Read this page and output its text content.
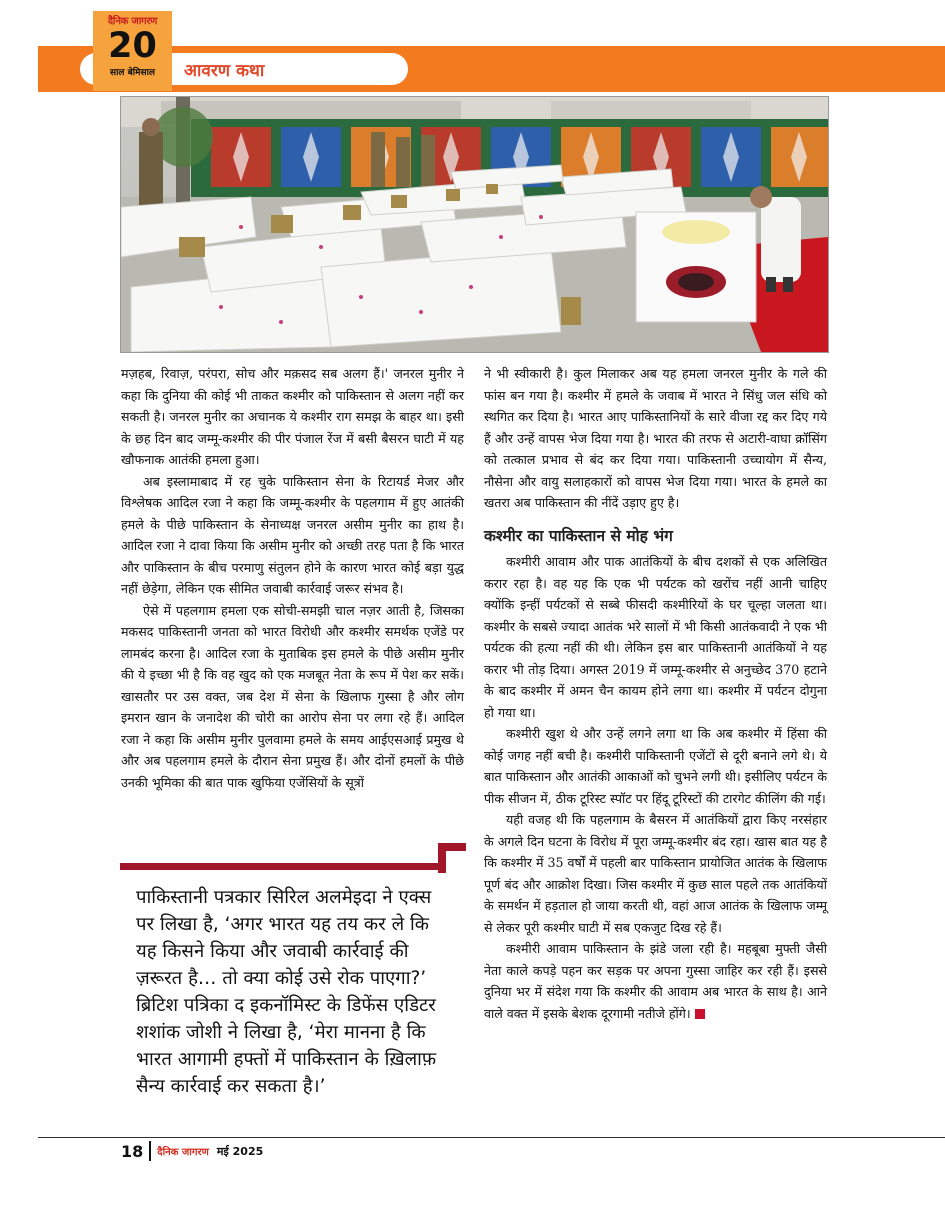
आवरण कथा
दैनिक जागरण
20
साल बेमिसाल

मज़हब, रिवाज़, परंपरा, सोच और मक़सद सब अलग हैं।' जनरल मुनीर ने कहा कि दुनिया की कोई भी ताकत कश्मीर को पाकिस्तान से अलग नहीं कर सकती है। जनरल मुनीर का अचानक ये कश्मीर राग समझ के बाहर था। इसी के छह दिन बाद जम्मू-कश्मीर की पीर पंजाल रेंज में बसी बैसरन घाटी में यह खौफनाक आतंकी हमला हुआ।

अब इस्लामाबाद में रह चुके पाकिस्तान सेना के रिटायर्ड मेजर और विश्लेषक आदिल रजा ने कहा कि जम्मू-कश्मीर के पहलगाम में हुए आतंकी हमले के पीछे पाकिस्तान के सेनाध्यक्ष जनरल असीम मुनीर का हाथ है। आदिल रजा ने दावा किया कि असीम मुनीर को अच्छी तरह पता है कि भारत और पाकिस्तान के बीच परमाणु संतुलन होने के कारण भारत कोई बड़ा युद्ध नहीं छेड़ेगा, लेकिन एक सीमित जवाबी कार्रवाई जरूर संभव है।

ऐसे में पहलगाम हमला एक सोची-समझी चाल नज़र आती है, जिसका मकसद पाकिस्तानी जनता को भारत विरोधी और कश्मीर समर्थक एजेंडे पर लामबंद करना है। आदिल रजा के मुताबिक इस हमले के पीछे असीम मुनीर की ये इच्छा भी है कि वह खुद को एक मजबूत नेता के रूप में पेश कर सकें। खासतौर पर उस वक्त, जब देश में सेना के खिलाफ गुस्सा है और लोग इमरान खान के जनादेश की चोरी का आरोप सेना पर लगा रहे हैं। आदिल रजा ने कहा कि असीम मुनीर पुलवामा हमले के समय आईएसआई प्रमुख थे और अब पहलगाम हमले के दौरान सेना प्रमुख हैं। और दोनों हमलों के पीछे उनकी भूमिका की बात पाक खुफिया एजेंसियों के सूत्रों

पाकिस्तानी पत्रकार सिरिल अलमेइदा ने एक्स पर लिखा है, ‘अगर भारत यह तय कर ले कि यह किसने किया और जवाबी कार्रवाई की ज़रूरत है… तो क्या कोई उसे रोक पाएगा?’ ब्रिटिश पत्रिका द इकनॉमिस्ट के डिफेंस एडिटर शशांक जोशी ने लिखा है, ‘मेरा मानना है कि भारत आगामी हफ्तों में पाकिस्तान के ख़िलाफ़ सैन्य कार्रवाई कर सकता है।’

ने भी स्वीकारी है। कुल मिलाकर अब यह हमला जनरल मुनीर के गले की फांस बन गया है। कश्मीर में हमले के जवाब में भारत ने सिंधु जल संधि को स्थगित कर दिया है। भारत आए पाकिस्तानियों के सारे वीजा रद्द कर दिए गये हैं और उन्हें वापस भेज दिया गया है। भारत की तरफ से अटारी-वाघा क्रॉसिंग को तत्काल प्रभाव से बंद कर दिया गया। पाकिस्तानी उच्चायोग में सैन्य, नौसेना और वायु सलाहकारों को वापस भेज दिया गया। भारत के हमले का खतरा अब पाकिस्तान की नींदें उड़ाए हुए है।

कश्मीर का पाकिस्तान से मोह भंग

कश्मीरी आवाम और पाक आतंकियों के बीच दशकों से एक अलिखित करार रहा है। वह यह कि एक भी पर्यटक को खरोंच नहीं आनी चाहिए क्योंकि इन्हीं पर्यटकों से सब्बे फीसदी कश्मीरियों के घर चूल्हा जलता था। कश्मीर के सबसे ज्यादा आतंक भरे सालों में भी किसी आतंकवादी ने एक भी पर्यटक की हत्या नहीं की थी। लेकिन इस बार पाकिस्तानी आतंकियों ने यह करार भी तोड़ दिया। अगस्त 2019 में जम्मू-कश्मीर से अनुच्छेद 370 हटाने के बाद कश्मीर में अमन चैन कायम होने लगा था। कश्मीर में पर्यटन दोगुना हो गया था।

कश्मीरी खुश थे और उन्हें लगने लगा था कि अब कश्मीर में हिंसा की कोई जगह नहीं बची है। कश्मीरी पाकिस्तानी एजेंटों से दूरी बनाने लगे थे। ये बात पाकिस्तान और आतंकी आकाओं को चुभने लगी थी। इसीलिए पर्यटन के पीक सीजन में, ठीक टूरिस्ट स्पॉट पर हिंदू टूरिस्टों की टारगेट कीलिंग की गई।

यही वजह थी कि पहलगाम के बैसरन में आतंकियों द्वारा किए नरसंहार के अगले दिन घटना के विरोध में पूरा जम्मू-कश्मीर बंद रहा। खास बात यह है कि कश्मीर में 35 वर्षों में पहली बार पाकिस्तान प्रायोजित आतंक के खिलाफ पूर्ण बंद और आक्रोश दिखा। जिस कश्मीर में कुछ साल पहले तक आतंकियों के समर्थन में हड़ताल हो जाया करती थी, वहां आज आतंक के खिलाफ जम्मू से लेकर पूरी कश्मीर घाटी में सब एकजुट दिख रहे हैं।

कश्मीरी आवाम पाकिस्तान के झंडे जला रही है। महबूबा मुफ्ती जैसी नेता काले कपड़े पहन कर सड़क पर अपना गुस्सा जाहिर कर रही हैं। इससे दुनिया भर में संदेश गया कि कश्मीर की आवाम अब भारत के साथ है। आने वाले वक्त में इसके बेशक दूरगामी नतीजे होंगे।

18 दैनिक जागरण मई 2025
